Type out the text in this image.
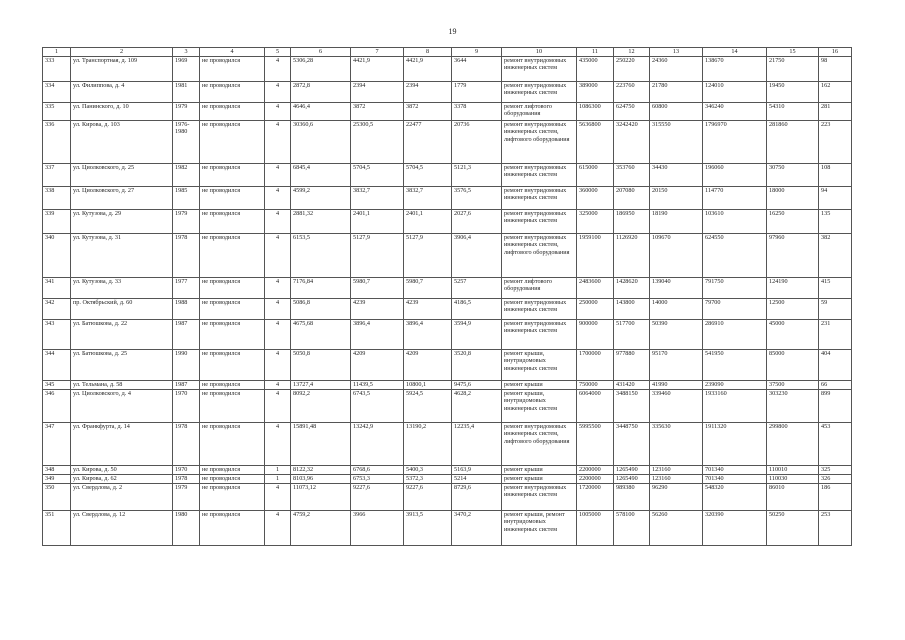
19
1	2	3	4	5	6	7	8	9	10	11	12	13	14	15	16
333	ул. Транспортная, д. 109	1969	не проводился	4	5306,28	4421,9	4421,9	3644	ремонт внутридомовых инженерных систем	435000	250220	24360	138670	21750	98
334	ул. Филиппова, д. 4	1981	не проводился	4	2872,8	2394	2394	1779	ремонт внутридомовых инженерных систем	389000	223760	21780	124010	19450	162
335	ул. Панинского, д. 10	1979	не проводился	4	4646,4	3872	3872	3378	ремонт лифтового оборудования	1086300	624750	60800	346240	54310	281
336	ул. Кирова, д. 103	1976-1980	не проводился	4	30360,6	25300,5	22477	20736	ремонт внутридомовых инженерных систем, лифтового оборудования	5636800	3242420	315550	1796970	281860	223
337	ул. Циолковского, д. 25	1982	не проводился	4	6845,4	5704,5	5704,5	5121,3	ремонт внутридомовых инженерных систем	615000	353760	34430	196060	30750	108
338	ул. Циолковского, д. 27	1985	не проводился	4	4599,2	3832,7	3832,7	3576,5	ремонт внутридомовых инженерных систем	360000	207080	20150	114770	18000	94
339	ул. Кутузова, д. 29	1979	не проводился	4	2881,32	2401,1	2401,1	2027,6	ремонт внутридомовых инженерных систем	325000	186950	18190	103610	16250	135
340	ул. Кутузова, д. 31	1978	не проводился	4	6153,5	5127,9	5127,9	3906,4	ремонт внутридомовых инженерных систем, лифтового оборудования	1959100	1126920	109670	624550	97960	382
341	ул. Кутузова, д. 33	1977	не проводился	4	7176,84	5980,7	5980,7	5257	ремонт лифтового оборудования	2483600	1428620	139040	791750	124190	415
342	пр. Октябрьский, д. 60	1988	не проводился	4	5086,8	4239	4239	4186,5	ремонт внутридомовых инженерных систем	250000	143800	14000	79700	12500	59
343	ул. Батюшкова, д. 22	1987	не проводился	4	4675,68	3896,4	3896,4	3594,9	ремонт внутридомовых инженерных систем	900000	517700	50390	286910	45000	231
344	ул. Батюшкова, д. 25	1990	не проводился	4	5050,8	4209	4209	3520,8	ремонт крыши, внутридомовых инженерных систем	1700000	977880	95170	541950	85000	404
345	ул. Тельмана, д. 58	1987	не проводился	4	13727,4	11439,5	10800,1	9475,6	ремонт крыши	750000	431420	41990	239090	37500	66
346	ул. Циолковского, д. 4	1970	не проводился	4	8092,2	6743,5	5924,5	4628,2	ремонт крыши, внутридомовых инженерных систем	6064000	3488150	339460	1933160	303230	899
347	ул. Франкфурта, д. 14	1978	не проводился	4	15891,48	13242,9	13190,2	12235,4	ремонт внутридомовых инженерных систем, лифтового оборудования	5995500	3448750	335630	1911320	299800	453
348	ул. Кирова, д. 50	1970	не проводился	1	8122,32	6768,6	5400,3	5163,9	ремонт крыши	2200000	1265490	123160	701340	110010	325
349	ул. Кирова, д. 62	1978	не проводился	1	8103,96	6753,3	5372,3	5214	ремонт крыши	2200000	1265490	123160	701340	110030	326
350	ул. Свердлова, д. 2	1979	не проводился	4	11073,12	9227,6	9227,6	8729,6	ремонт внутридомовых инженерных систем	1720000	989380	96290	548320	86010	186
351	ул. Свердлова, д. 12	1980	не проводился	4	4759,2	3966	3913,5	3470,2	ремонт крыши, ремонт внутридомовых инженерных систем	1005000	578100	56260	320390	50250	253
